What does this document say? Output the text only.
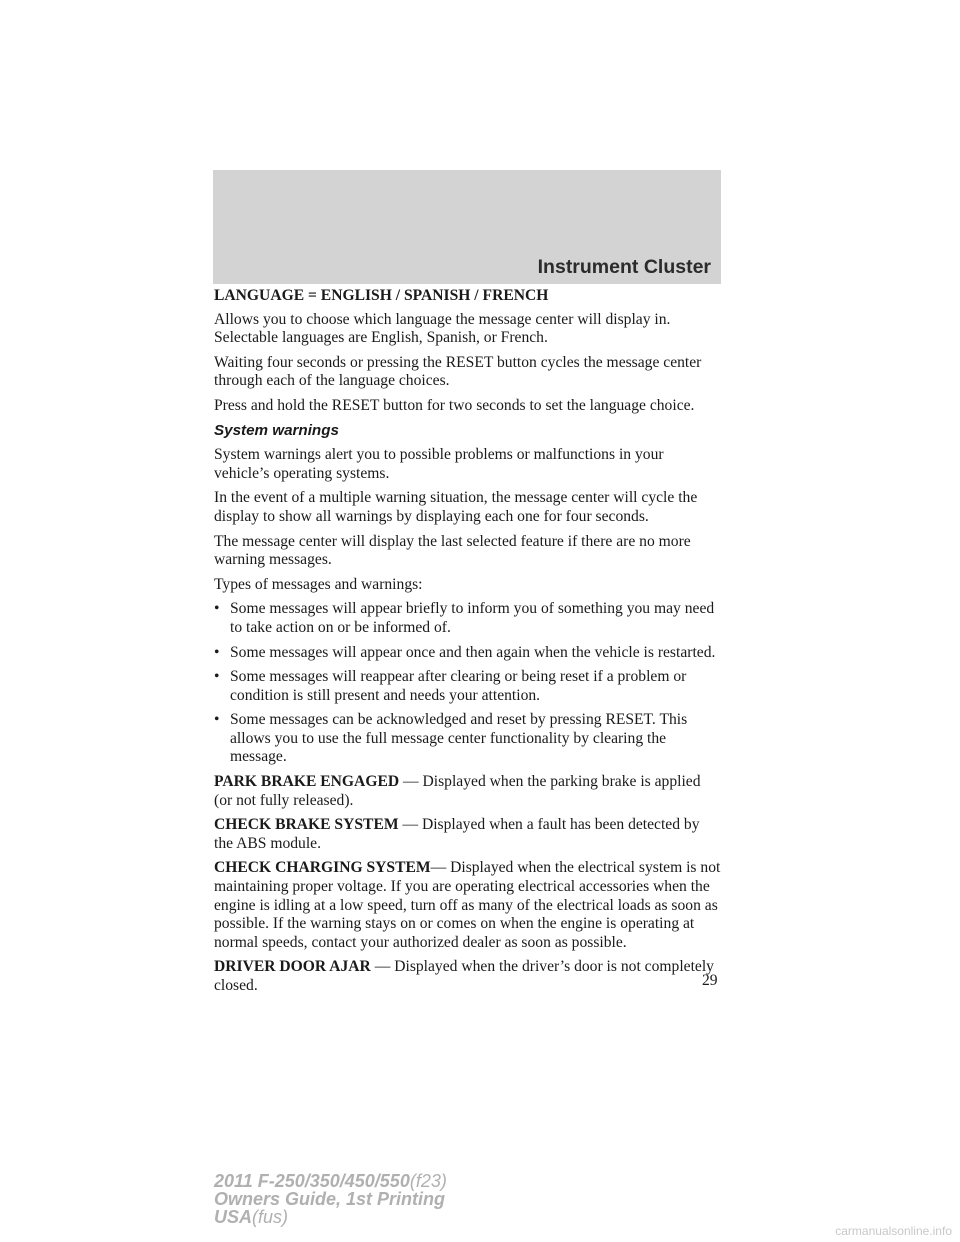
Instrument Cluster

LANGUAGE = ENGLISH / SPANISH / FRENCH

Allows you to choose which language the message center will display in. Selectable languages are English, Spanish, or French.

Waiting four seconds or pressing the RESET button cycles the message center through each of the language choices.

Press and hold the RESET button for two seconds to set the language choice.

System warnings

System warnings alert you to possible problems or malfunctions in your vehicle’s operating systems.

In the event of a multiple warning situation, the message center will cycle the display to show all warnings by displaying each one for four seconds.

The message center will display the last selected feature if there are no more warning messages.

Types of messages and warnings:

• Some messages will appear briefly to inform you of something you may need to take action on or be informed of.
• Some messages will appear once and then again when the vehicle is restarted.
• Some messages will reappear after clearing or being reset if a problem or condition is still present and needs your attention.
• Some messages can be acknowledged and reset by pressing RESET. This allows you to use the full message center functionality by clearing the message.

PARK BRAKE ENGAGED — Displayed when the parking brake is applied (or not fully released).

CHECK BRAKE SYSTEM — Displayed when a fault has been detected by the ABS module.

CHECK CHARGING SYSTEM— Displayed when the electrical system is not maintaining proper voltage. If you are operating electrical accessories when the engine is idling at a low speed, turn off as many of the electrical loads as soon as possible. If the warning stays on or comes on when the engine is operating at normal speeds, contact your authorized dealer as soon as possible.

DRIVER DOOR AJAR — Displayed when the driver’s door is not completely closed.	29
2011 F-250/350/450/550(f23)
Owners Guide, 1st Printing
USA(fus)
carmanualsonline.info
